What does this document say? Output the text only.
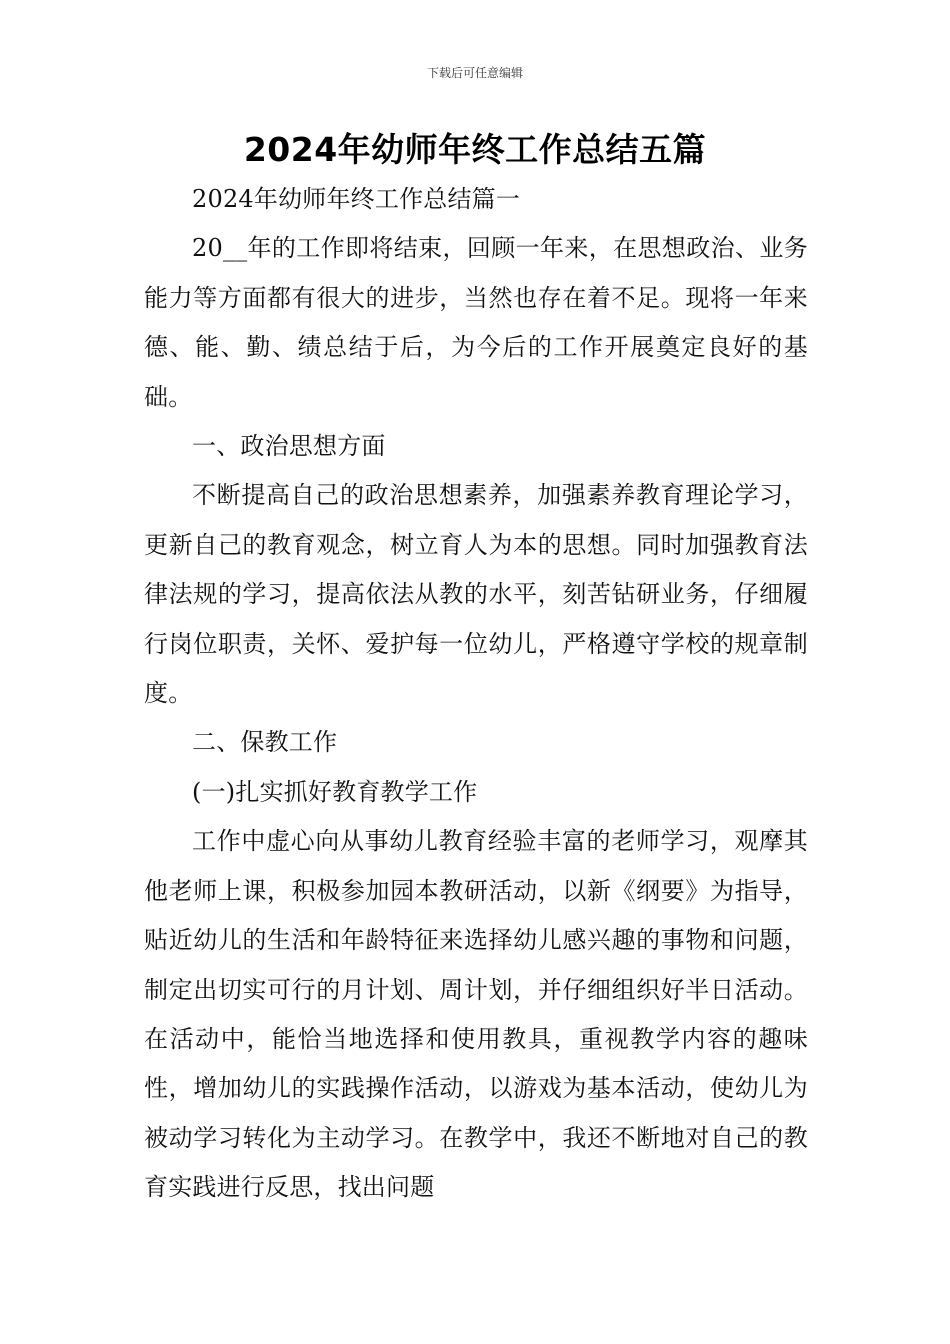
下载后可任意编辑
2024年幼师年终工作总结五篇

2024年幼师年终工作总结篇一

20__年的工作即将结束，回顾一年来，在思想政治、业务能力等方面都有很大的进步，当然也存在着不足。现将一年来德、能、勤、绩总结于后，为今后的工作开展奠定良好的基础。

一、政治思想方面

不断提高自己的政治思想素养，加强素养教育理论学习，更新自己的教育观念，树立育人为本的思想。同时加强教育法律法规的学习，提高依法从教的水平，刻苦钻研业务，仔细履行岗位职责，关怀、爱护每一位幼儿，严格遵守学校的规章制度。

二、保教工作

(一)扎实抓好教育教学工作

工作中虚心向从事幼儿教育经验丰富的老师学习，观摩其他老师上课，积极参加园本教研活动，以新《纲要》为指导，贴近幼儿的生活和年龄特征来选择幼儿感兴趣的事物和问题，制定出切实可行的月计划、周计划，并仔细组织好半日活动。在活动中，能恰当地选择和使用教具，重视教学内容的趣味性，增加幼儿的实践操作活动，以游戏为基本活动，使幼儿为被动学习转化为主动学习。在教学中，我还不断地对自己的教育实践进行反思，找出问题
